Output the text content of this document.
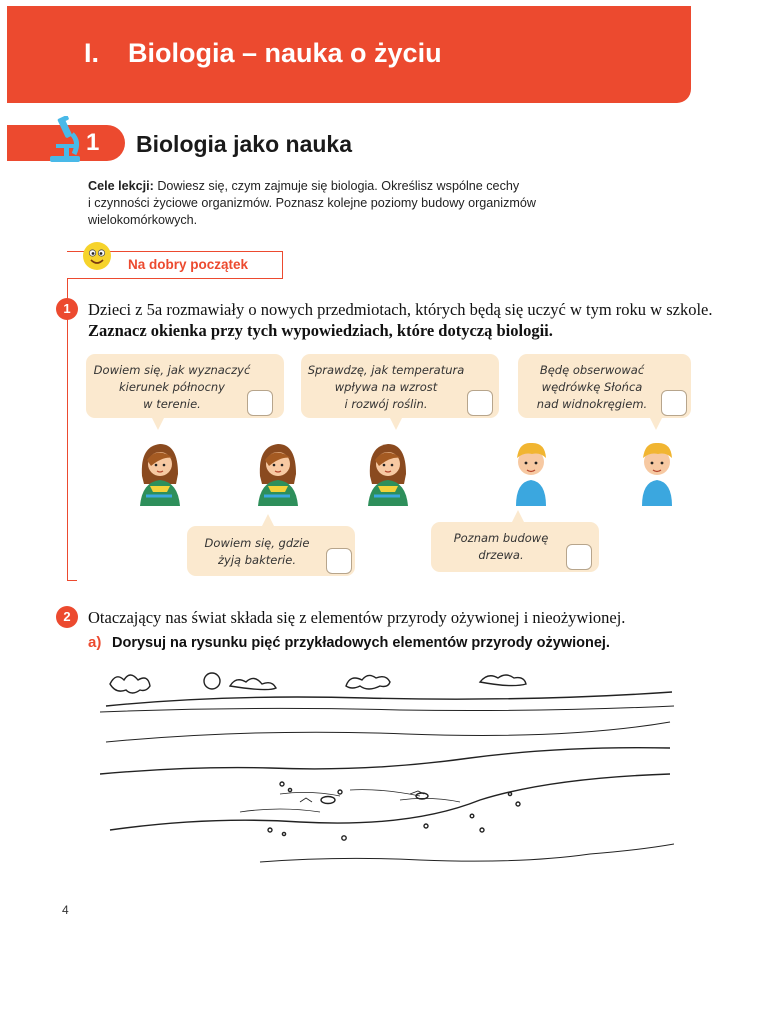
I. Biologia – nauka o życiu
1 Biologia jako nauka
Cele lekcji: Dowiesz się, czym zajmuje się biologia. Określisz wspólne cechy
i czynności życiowe organizmów. Poznasz kolejne poziomy budowy organizmów
wielokomórkowych.
Na dobry początek
1	Dzieci z 5a rozmawiały o nowych przedmiotach, których będą się uczyć w tym roku w szkole.
Zaznacz okienka przy tych wypowiedziach, które dotyczą biologii.
Dowiem się, jak wyznaczyć
kierunek północny
w terenie.
Sprawdzę, jak temperatura
wpływa na wzrost
i rozwój roślin.
Będę obserwować
wędrówkę Słońca
nad widnokręgiem.
Dowiem się, gdzie
żyją bakterie.
Poznam budowę
drzewa.
2	Otaczający nas świat składa się z elementów przyrody ożywionej i nieożywionej.
a) Dorysuj na rysunku pięć przykładowych elementów przyrody ożywionej.
4
